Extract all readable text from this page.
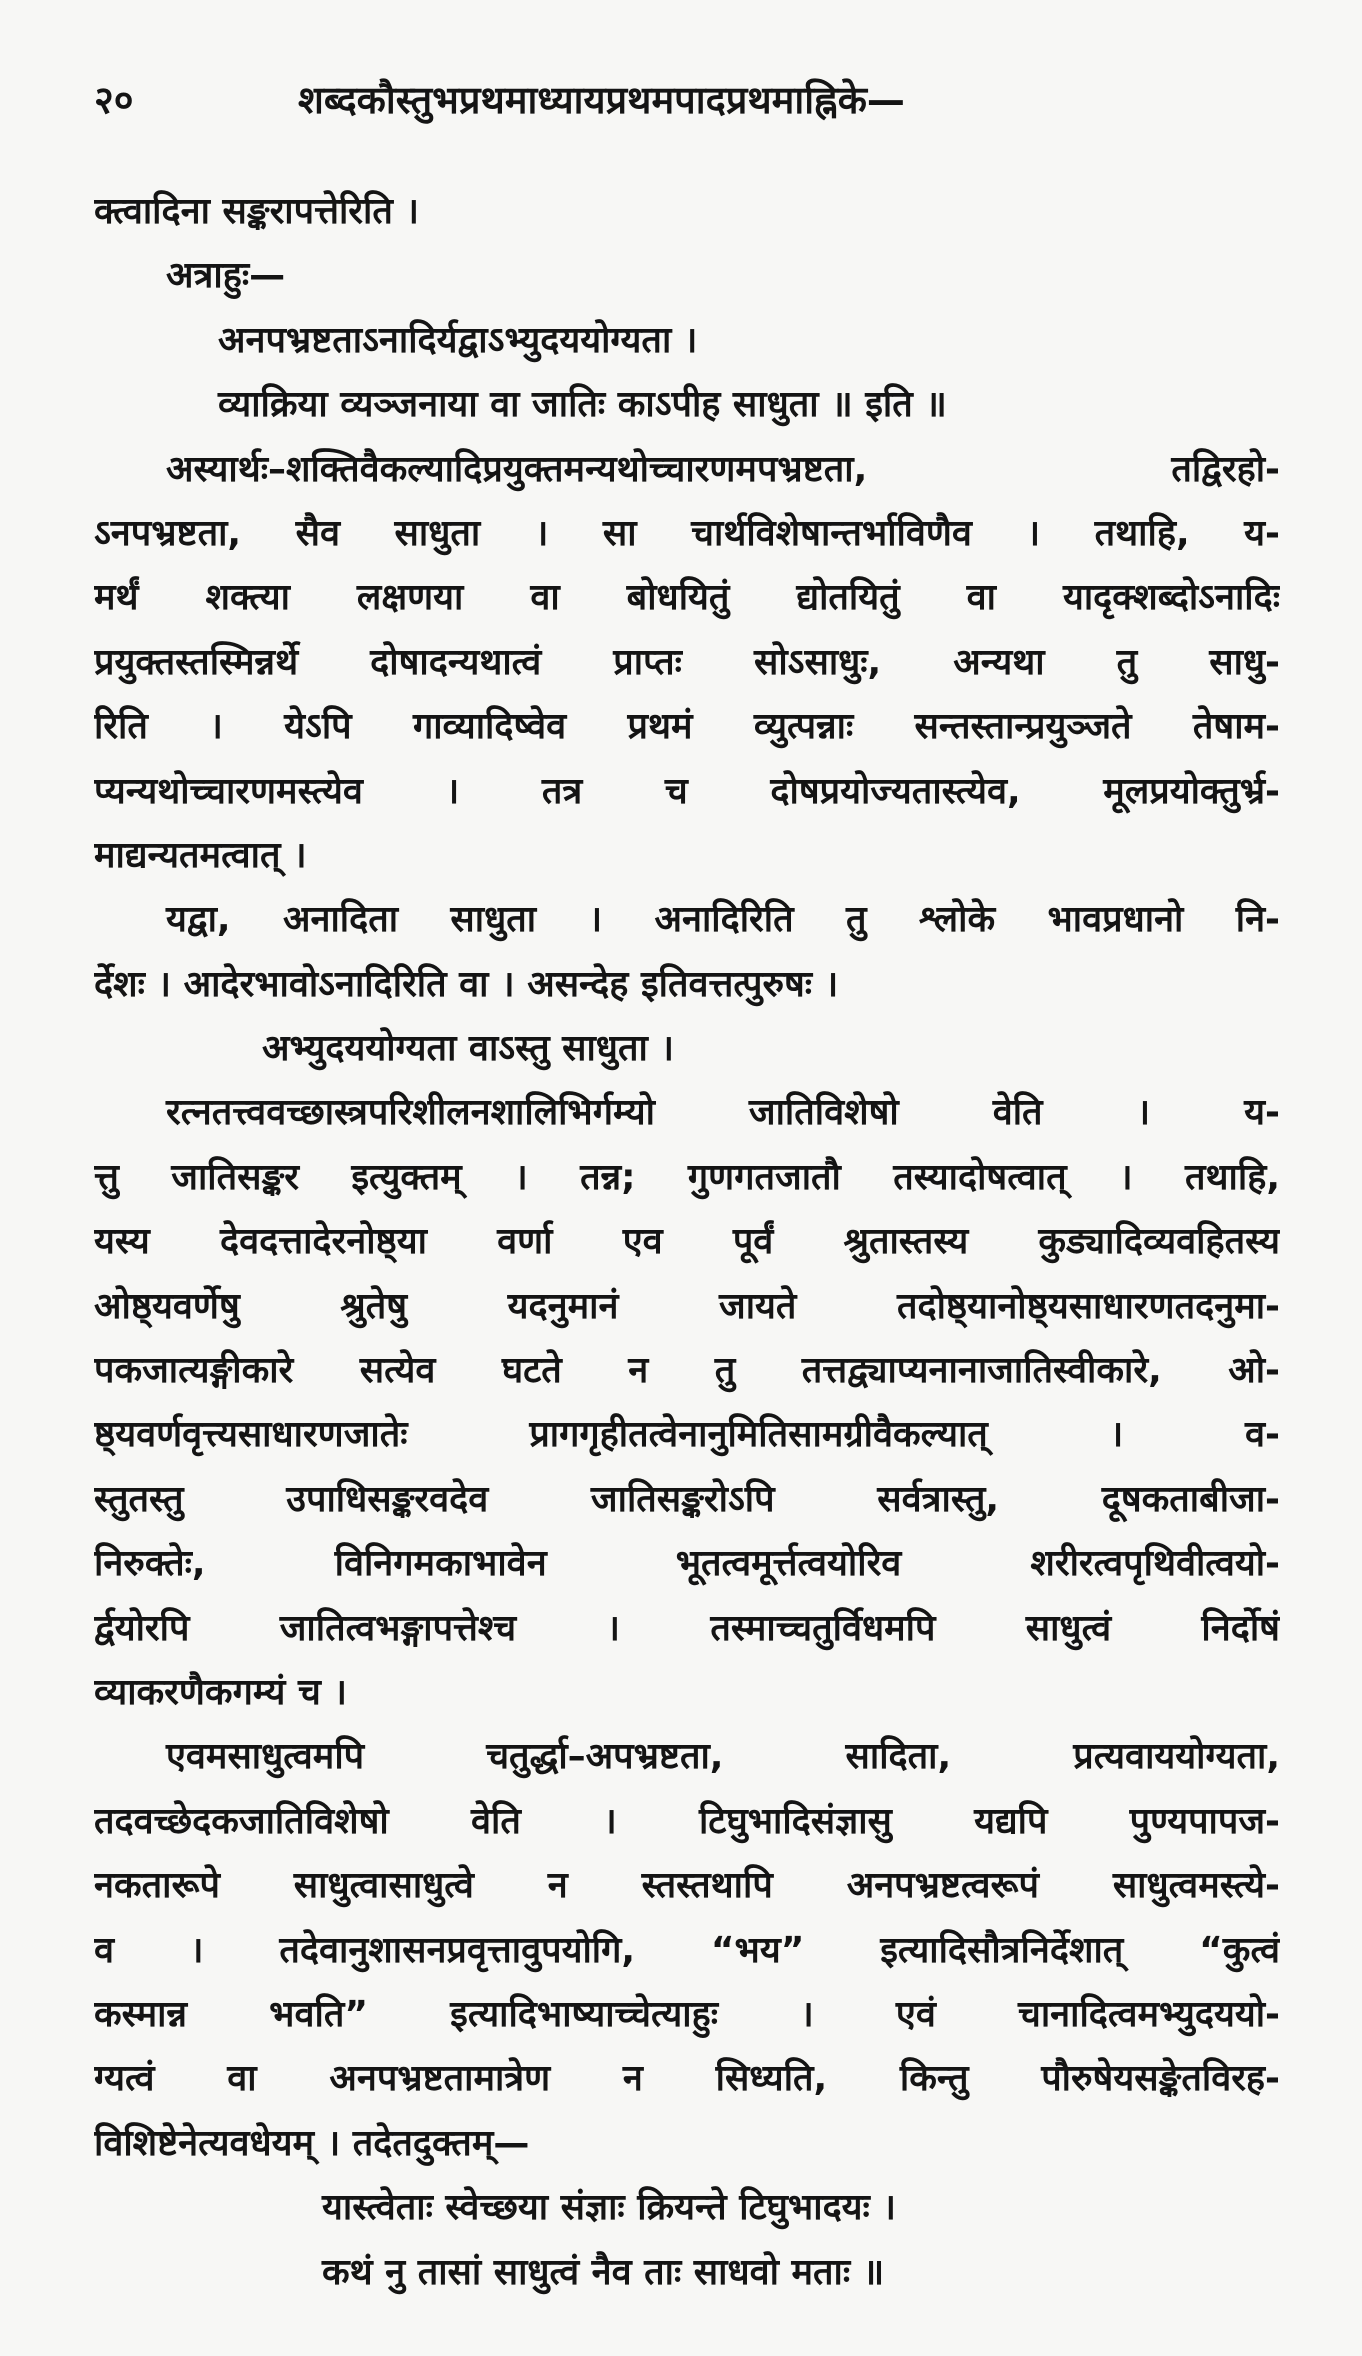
२०	शब्दकौस्तुभप्रथमाध्यायप्रथमपादप्रथमाह्निके—
क्त्वादिना सङ्करापत्तेरिति ।
अत्राहुः—
अनपभ्रष्टताऽनादिर्यद्वाऽभ्युदययोग्यता ।
व्याक्रिया व्यञ्जनाया वा जातिः काऽपीह साधुता ॥ इति ॥
अस्यार्थः–शक्तिवैकल्यादिप्रयुक्तमन्यथोच्चारणमपभ्रष्टता, तद्विरहो-
ऽनपभ्रष्टता, सैव साधुता । सा चार्थविशेषान्तर्भाविणैव । तथाहि, य-
मर्थं शक्त्या लक्षणया वा बोधयितुं द्योतयितुं वा यादृक्शब्दोऽनादिः
प्रयुक्तस्तस्मिन्नर्थे दोषादन्यथात्वं प्राप्तः सोऽसाधुः, अन्यथा तु साधु-
रिति । येऽपि गाव्यादिष्वेव प्रथमं व्युत्पन्नाः सन्तस्तान्प्रयुञ्जते तेषाम-
प्यन्यथोच्चारणमस्त्येव । तत्र च दोषप्रयोज्यतास्त्येव, मूलप्रयोक्तुर्भ्र-
माद्यन्यतमत्वात् ।
यद्वा, अनादिता साधुता । अनादिरिति तु श्लोके भावप्रधानो नि-
र्देशः । आदेरभावोऽनादिरिति वा । असन्देह इतिवत्तत्पुरुषः ।
अभ्युदययोग्यता वाऽस्तु साधुता ।
रत्नतत्त्ववच्छास्त्रपरिशीलनशालिभिर्गम्यो जातिविशेषो वेति । य-
त्तु जातिसङ्कर इत्युक्तम् । तन्न; गुणगतजातौ तस्यादोषत्वात् । तथाहि,
यस्य देवदत्तादेरनोष्ठ्या वर्णा एव पूर्वं श्रुतास्तस्य कुड्यादिव्यवहितस्य
ओष्ठ्यवर्णेषु श्रुतेषु यदनुमानं जायते तदोष्ठ्यानोष्ठ्यसाधारणतदनुमा-
पकजात्यङ्गीकारे सत्येव घटते न तु तत्तद्व्याप्यनानाजातिस्वीकारे, ओ-
ष्ठ्यवर्णवृत्त्यसाधारणजातेः प्रागगृहीतत्वेनानुमितिसामग्रीवैकल्यात् । व-
स्तुतस्तु उपाधिसङ्करवदेव जातिसङ्करोऽपि सर्वत्रास्तु, दूषकताबीजा-
निरुक्तेः, विनिगमकाभावेन भूतत्वमूर्त्तत्वयोरिव शरीरत्वपृथिवीत्वयो-
र्द्वयोरपि जातित्वभङ्गापत्तेश्च । तस्माच्चतुर्विधमपि साधुत्वं निर्दोषं
व्याकरणैकगम्यं च ।
एवमसाधुत्वमपि चतुर्द्धा–अपभ्रष्टता, सादिता, प्रत्यवाययोग्यता,
तदवच्छेदकजातिविशेषो वेति । टिघुभादिसंज्ञासु यद्यपि पुण्यपापज-
नकतारूपे साधुत्वासाधुत्वे न स्तस्तथापि अनपभ्रष्टत्वरूपं साधुत्वमस्त्ये-
व । तदेवानुशासनप्रवृत्तावुपयोगि, “भय” इत्यादिसौत्रनिर्देशात् “कुत्वं
कस्मान्न भवति” इत्यादिभाष्याच्चेत्याहुः । एवं चानादित्वमभ्युदययो-
ग्यत्वं वा अनपभ्रष्टतामात्रेण न सिध्यति, किन्तु पौरुषेयसङ्केतविरह-
विशिष्टेनेत्यवधेयम् । तदेतदुक्तम्—
यास्त्वेताः स्वेच्छया संज्ञाः क्रियन्ते टिघुभादयः ।
कथं नु तासां साधुत्वं नैव ताः साधवो मताः ॥
